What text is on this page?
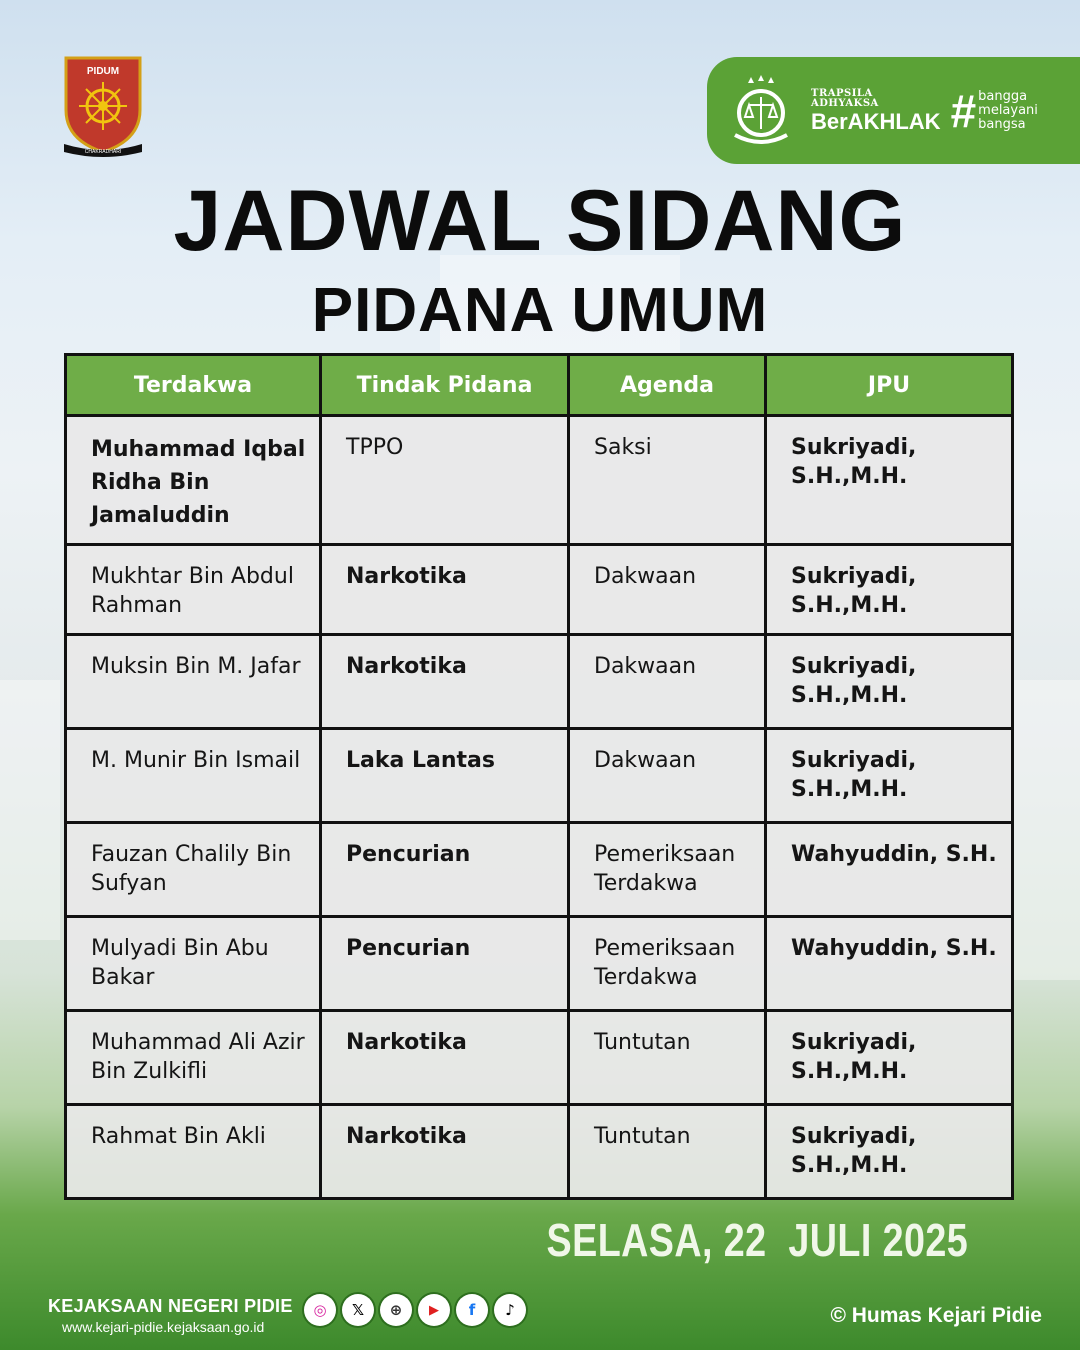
PIDUM
CHAKRADHARI
TRAPSILA
ADHYAKSA
BerAKHLAK # bangga
melayani
bangsa
JADWAL SIDANG
PIDANA UMUM
Terdakwa	Tindak Pidana	Agenda	JPU
Muhammad Iqbal Ridha Bin Jamaluddin	TPPO	Saksi	Sukriyadi, S.H.,M.H.
Mukhtar Bin Abdul Rahman	Narkotika	Dakwaan	Sukriyadi, S.H.,M.H.
Muksin Bin M. Jafar	Narkotika	Dakwaan	Sukriyadi, S.H.,M.H.
M. Munir Bin Ismail	Laka Lantas	Dakwaan	Sukriyadi, S.H.,M.H.
Fauzan Chalily Bin Sufyan	Pencurian	Pemeriksaan Terdakwa	Wahyuddin, S.H.
Mulyadi Bin Abu Bakar	Pencurian	Pemeriksaan Terdakwa	Wahyuddin, S.H.
Muhammad Ali Azir Bin Zulkifli	Narkotika	Tuntutan	Sukriyadi, S.H.,M.H.
Rahmat Bin Akli	Narkotika	Tuntutan	Sukriyadi, S.H.,M.H.
SELASA, 22  JULI 2025
KEJAKSAAN NEGERI PIDIE
www.kejari-pidie.kejaksaan.go.id
◎ 𝕏 ⊕ ▶ f ♪	© Humas Kejari Pidie
